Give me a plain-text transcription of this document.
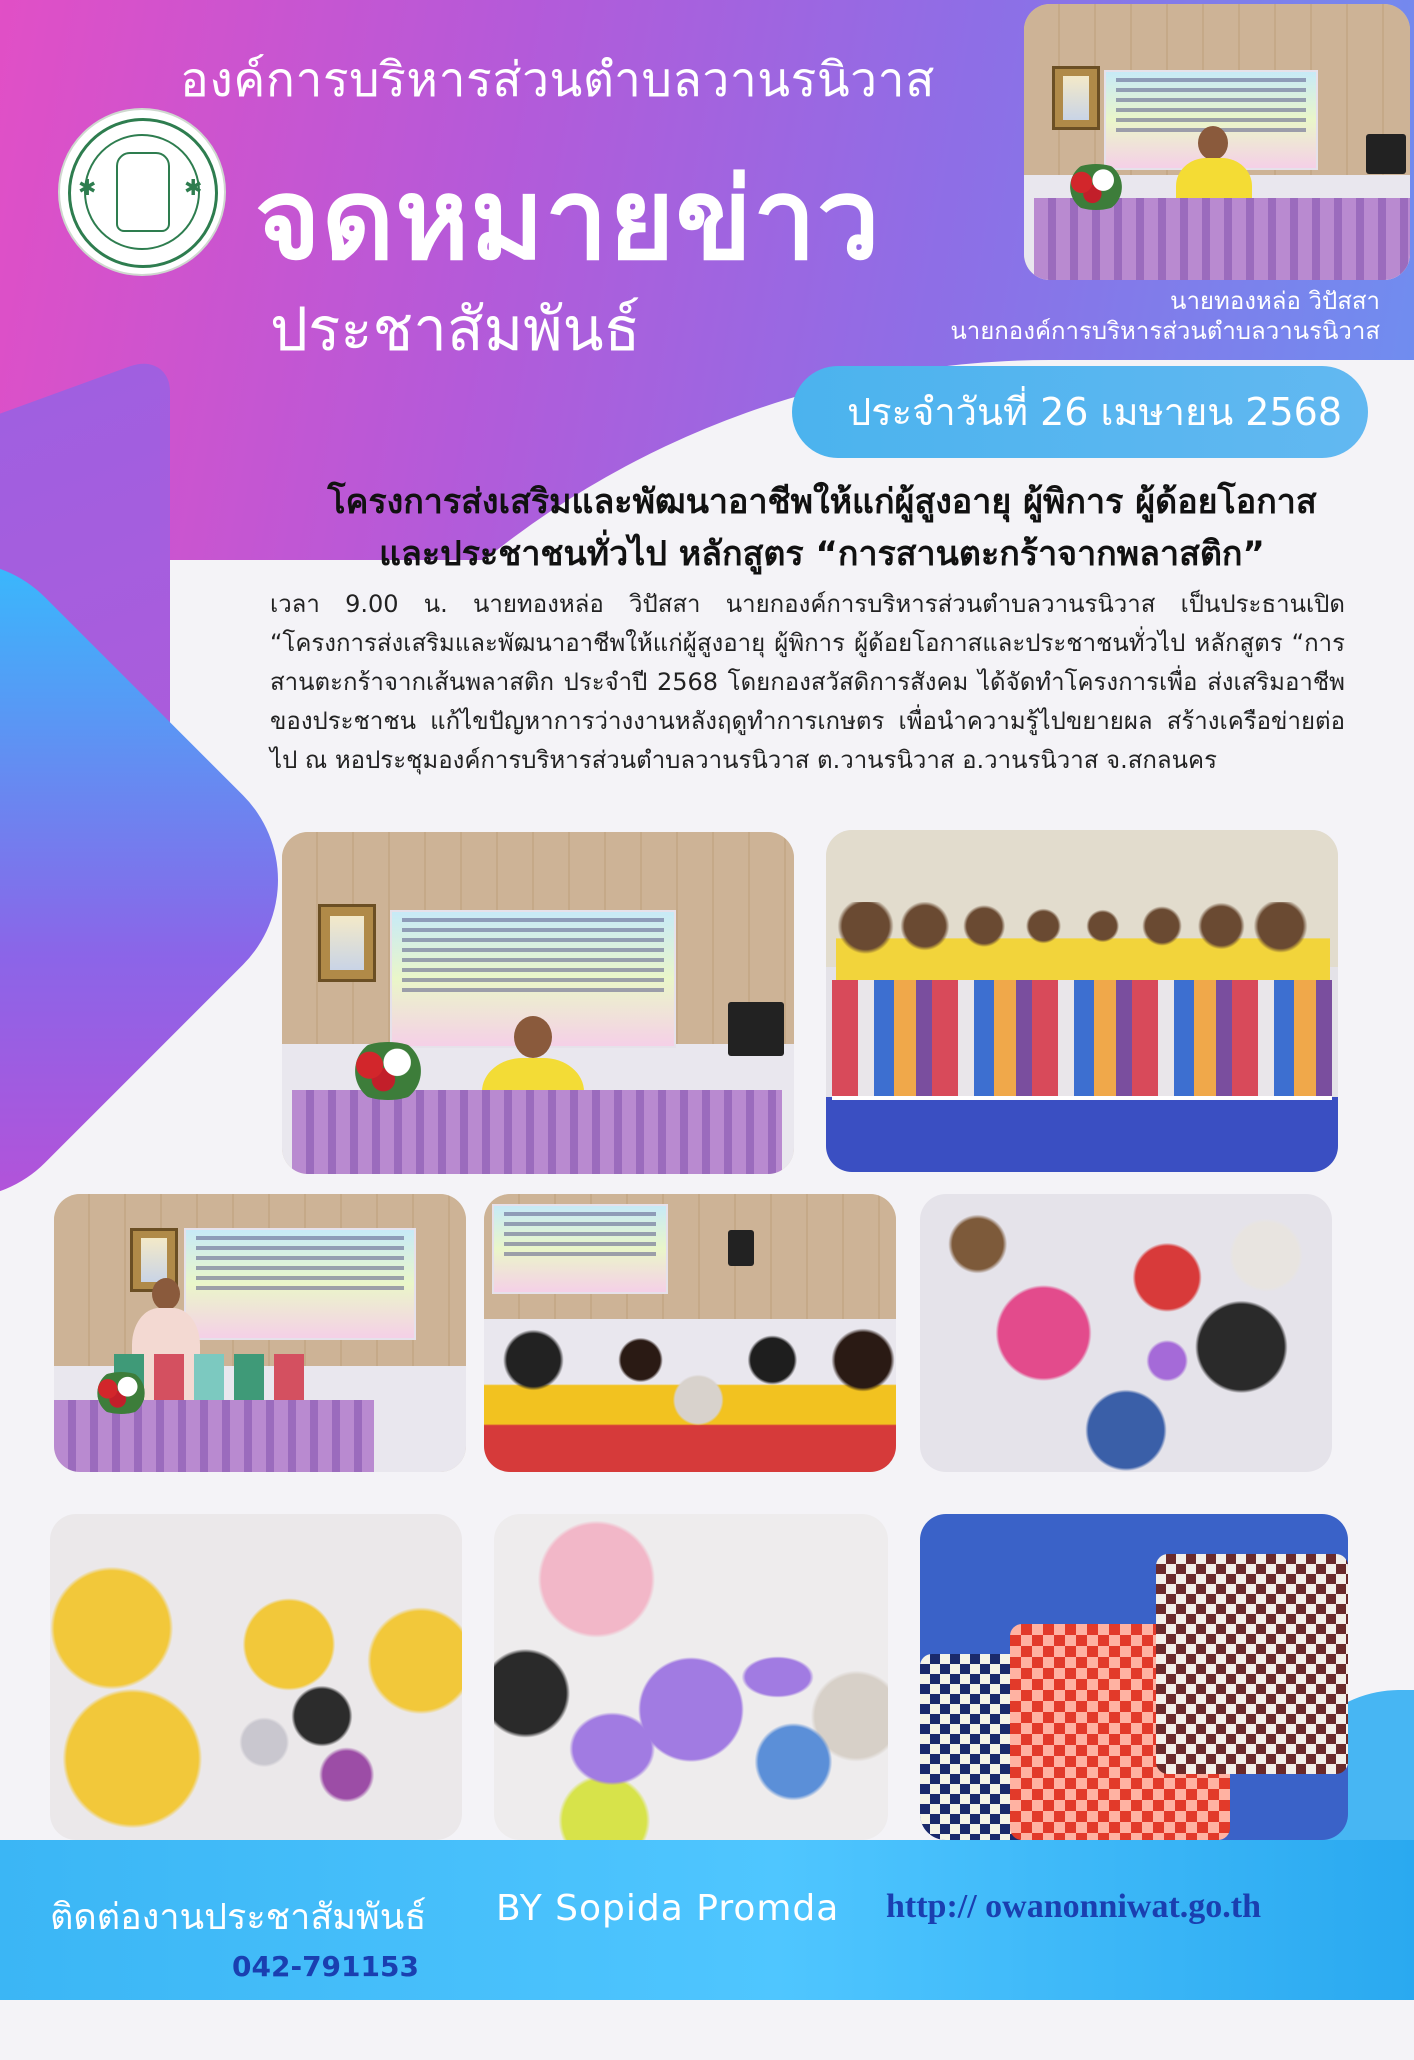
✱	✱
องค์การบริหารส่วนตำบลวานรนิวาส
จดหมายข่าว
ประชาสัมพันธ์	นายทองหล่อ วิปัสสา
นายกองค์การบริหารส่วนตำบลวานรนิวาส
ประจำวันที่ 26 เมษายน 2568
โครงการส่งเสริมและพัฒนาอาชีพให้แก่ผู้สูงอายุ ผู้พิการ ผู้ด้อยโอกาส
และประชาชนทั่วไป หลักสูตร “การสานตะกร้าจากพลาสติก”
เวลา 9.00 น. นายทองหล่อ วิปัสสา นายกองค์การบริหารส่วนตำบลวานรนิวาส เป็นประธานเปิด “โครงการส่งเสริมและพัฒนาอาชีพให้แก่ผู้สูงอายุ ผู้พิการ ผู้ด้อยโอกาสและประชาชนทั่วไป หลักสูตร “การสานตะกร้าจากเส้นพลาสติก ประจำปี 2568 โดยกองสวัสดิการสังคม ได้จัดทำโครงการเพื่อ ส่งเสริมอาชีพของประชาชน แก้ไขปัญหาการว่างงานหลังฤดูทำการเกษตร เพื่อนำความรู้ไปขยายผล สร้างเครือข่ายต่อไป ณ หอประชุมองค์การบริหารส่วนตำบลวานรนิวาส ต.วานรนิวาส อ.วานรนิวาส จ.สกลนคร
ติดต่องานประชาสัมพันธ์ BY Sopida Promda http:// owanonniwat.go.th
042-791153
